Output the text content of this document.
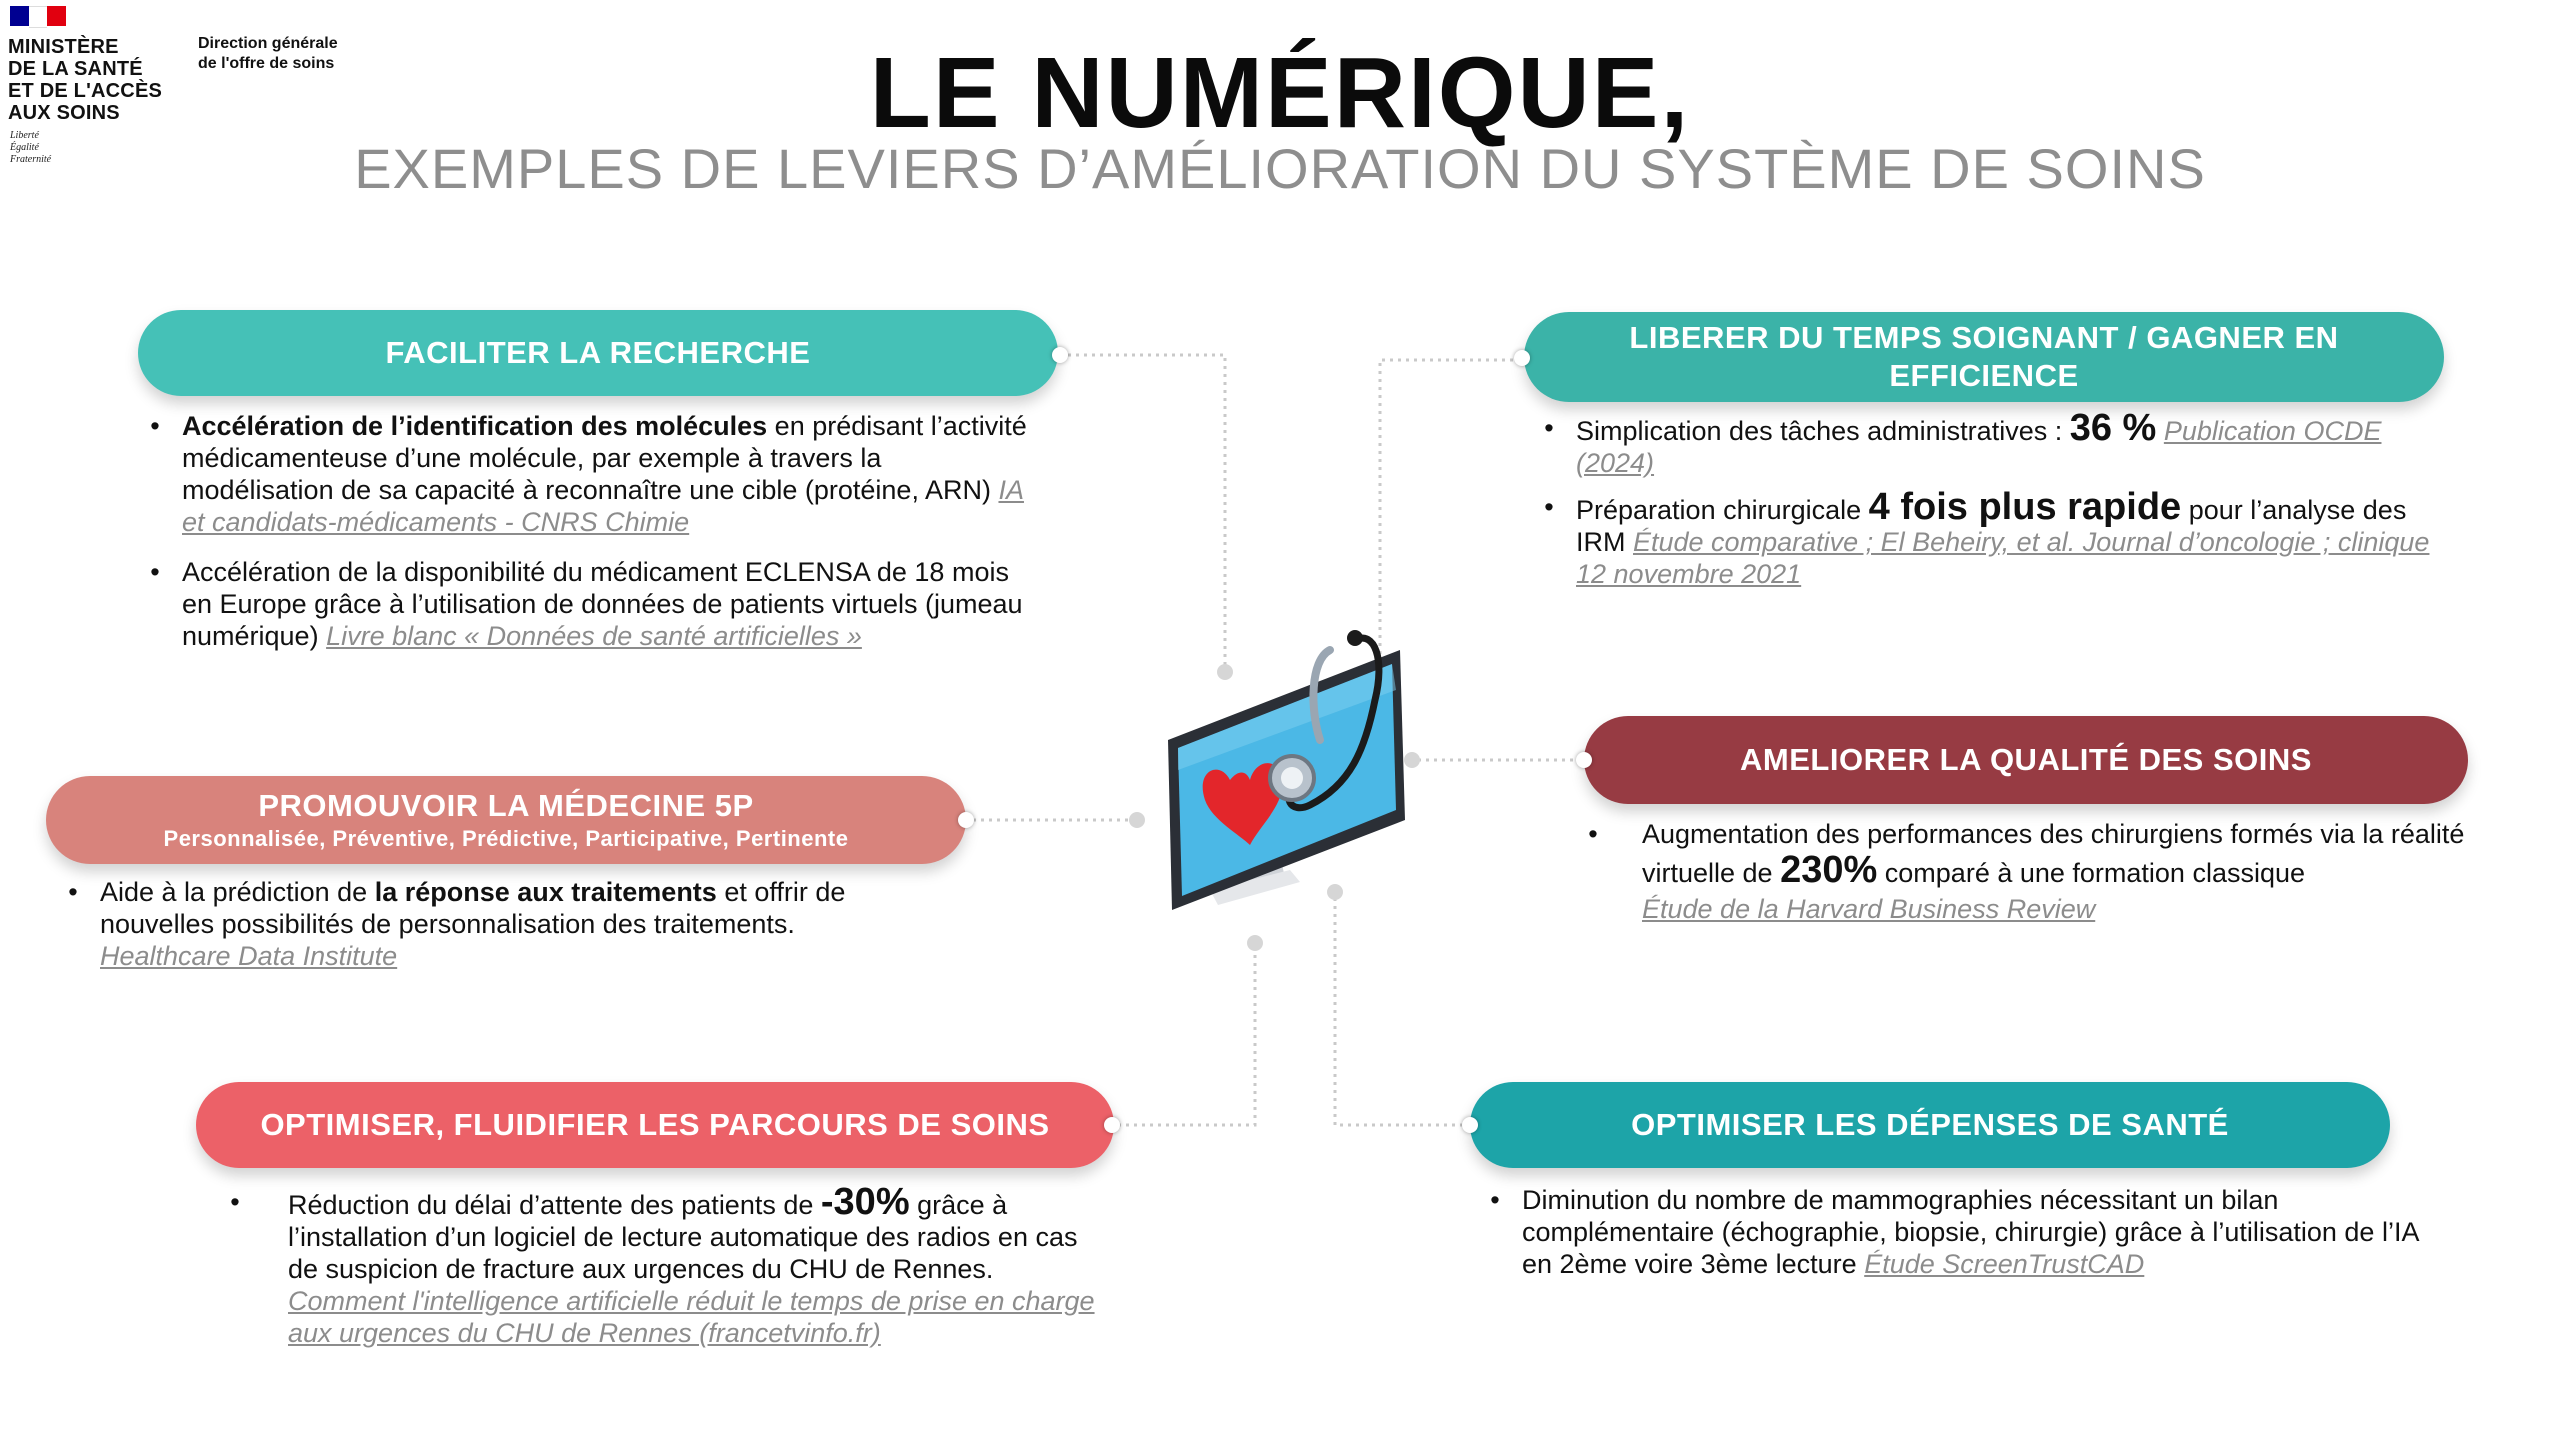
MINISTÈRE
DE LA SANTÉ
ET DE L'ACCÈS
AUX SOINS
Liberté
Égalité
Fraternité
Direction générale
de l'offre de soins	LE NUMÉRIQUE,
EXEMPLES DE LEVIERS D’AMÉLIORATION DU SYSTÈME DE SOINS
FACILITER LA RECHERCHE	LIBERER DU TEMPS SOIGNANT / GAGNER EN EFFICIENCE
PROMOUVOIR LA MÉDECINE 5P
Personnalisée, Préventive, Prédictive, Participative, Pertinente
AMELIORER LA QUALITÉ DES SOINS
OPTIMISER, FLUIDIFIER LES PARCOURS DE SOINS	OPTIMISER LES DÉPENSES DE SANTÉ
• Accélération de l’identification des molécules en prédisant l’activité médicamenteuse d’une molécule, par exemple à travers la modélisation de sa capacité à reconnaître une cible (protéine, ARN) IA et candidats-médicaments - CNRS Chimie
• Accélération de la disponibilité du médicament ECLENSA de 18 mois en Europe grâce à l’utilisation de données de patients virtuels (jumeau numérique) Livre blanc « Données de santé artificielles »
• Simplication des tâches administratives : 36 % Publication OCDE (2024)
• Préparation chirurgicale 4 fois plus rapide pour l’analyse des IRM Étude comparative ; El Beheiry, et al. Journal d’oncologie ; clinique 12 novembre 2021
• Aide à la prédiction de la réponse aux traitements et offrir de nouvelles possibilités de personnalisation des traitements.
Healthcare Data Institute
•	Augmentation des performances des chirurgiens formés via la réalité virtuelle de 230% comparé à une formation classique
Étude de la Harvard Business Review
•	Réduction du délai d’attente des patients de -30% grâce à l’installation d’un logiciel de lecture automatique des radios en cas de suspicion de fracture aux urgences du CHU de Rennes. Comment l'intelligence artificielle réduit le temps de prise en charge aux urgences du CHU de Rennes (francetvinfo.fr)
• Diminution du nombre de mammographies nécessitant un bilan complémentaire (échographie, biopsie, chirurgie) grâce à l’utilisation de l’IA en 2ème voire 3ème lecture Étude ScreenTrustCAD
